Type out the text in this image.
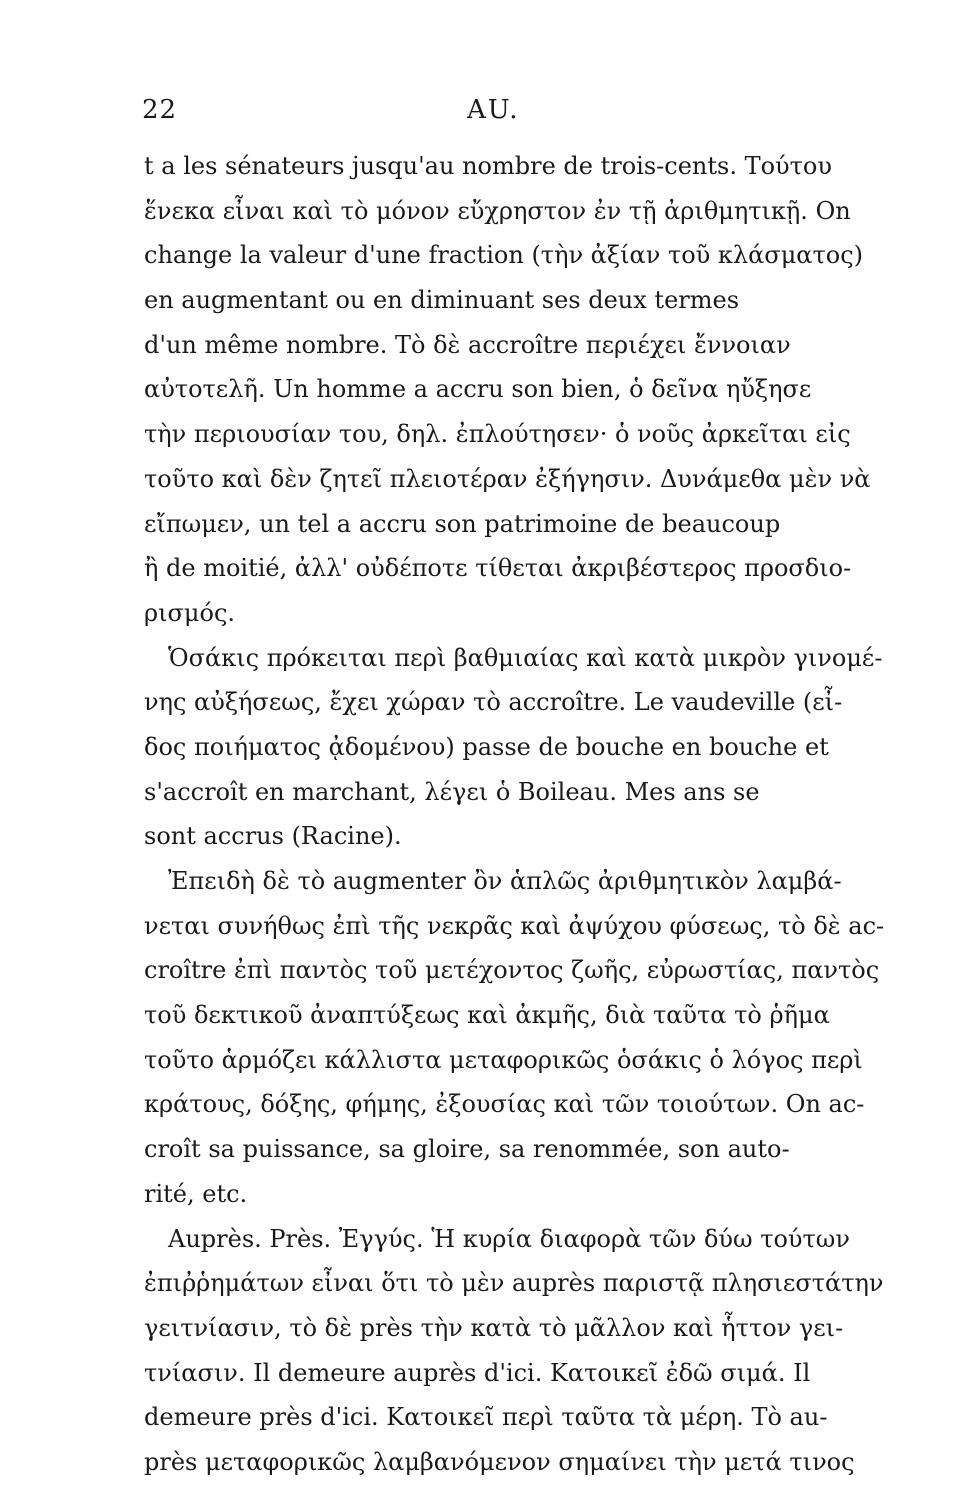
22	AU.
t a les sénateurs jusqu'au nombre de trois-cents. Τούτου
ἕνεκα εἶναι καὶ τὸ μόνον εὔχρηστον ἐν τῇ ἀριθμητικῇ. On
change la valeur d'une fraction (τὴν ἀξίαν τοῦ κλάσματος)
en augmentant ou en diminuant ses deux termes
d'un même nombre. Τὸ δὲ accroître περιέχει ἔννοιαν
αὐτοτελῆ. Un homme a accru son bien, ὁ δεῖνα ηὔξησε
τὴν περιουσίαν του, δηλ. ἐπλούτησεν· ὁ νοῦς ἀρκεῖται εἰς
τοῦτο καὶ δὲν ζητεῖ πλειοτέραν ἐξήγησιν. Δυνάμεθα μὲν νὰ
εἴπωμεν, un tel a accru son patrimoine de beaucoup
ἢ de moitié, ἀλλ' οὐδέποτε τίθεται ἀκριβέστερος προσδιο-
ρισμός.
Ὁσάκις πρόκειται περὶ βαθμιαίας καὶ κατὰ μικρὸν γινομέ-
νης αὐξήσεως, ἔχει χώραν τὸ accroître. Le vaudeville (εἶ-
δος ποιήματος ᾀδομένου) passe de bouche en bouche et
s'accroît en marchant, λέγει ὁ Boileau. Mes ans se
sont accrus (Racine).
Ἐπειδὴ δὲ τὸ augmenter ὂν ἁπλῶς ἀριθμητικὸν λαμβά-
νεται συνήθως ἐπὶ τῆς νεκρᾶς καὶ ἀψύχου φύσεως, τὸ δὲ ac-
croître ἐπὶ παντὸς τοῦ μετέχοντος ζωῆς, εὐρωστίας, παντὸς
τοῦ δεκτικοῦ ἀναπτύξεως καὶ ἀκμῆς, διὰ ταῦτα τὸ ῥῆμα
τοῦτο ἁρμόζει κάλλιστα μεταφορικῶς ὁσάκις ὁ λόγος περὶ
κράτους, δόξης, φήμης, ἐξουσίας καὶ τῶν τοιούτων. On ac-
croît sa puissance, sa gloire, sa renommée, son auto-
rité, etc.
Auprès. Près. Ἐγγύς. Ἡ κυρία διαφορὰ τῶν δύω τούτων
ἐπιῤῥημάτων εἶναι ὅτι τὸ μὲν auprès παριστᾷ πλησιεστάτην
γειτνίασιν, τὸ δὲ près τὴν κατὰ τὸ μᾶλλον καὶ ἧττον γει-
τνίασιν. Il demeure auprès d'ici. Κατοικεῖ ἐδῶ σιμά. Il
demeure près d'ici. Κατοικεῖ περὶ ταῦτα τὰ μέρη. Τὸ au-
près μεταφορικῶς λαμβανόμενον σημαίνει τὴν μετά τινος
